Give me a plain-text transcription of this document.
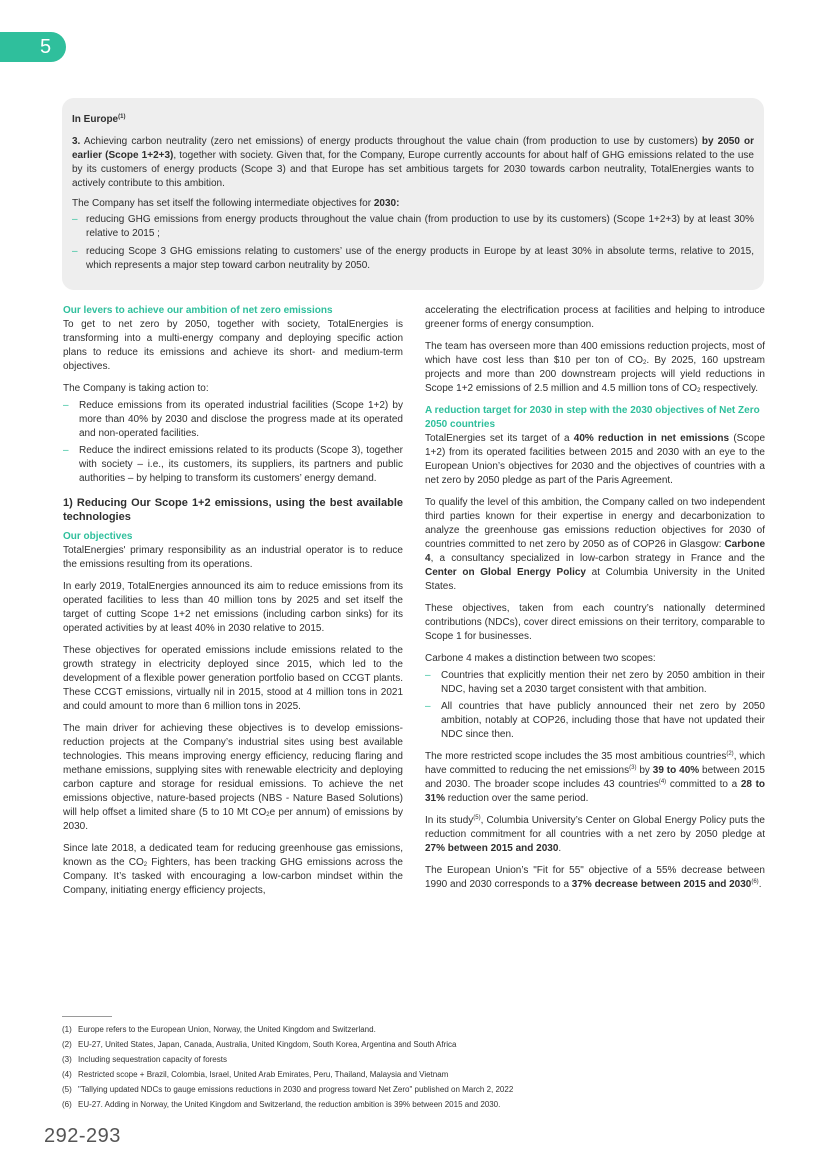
5

In Europe$^{(1)}$

3. Achieving carbon neutrality (zero net emissions) of energy products throughout the value chain (from production to use by customers) by 2050 or earlier (Scope 1+2+3), together with society. Given that, for the Company, Europe currently accounts for about half of GHG emissions related to the use by its customers of energy products (Scope 3) and that Europe has set ambitious targets for 2030 towards carbon neutrality, TotalEnergies wants to actively contribute to this ambition.

The Company has set itself the following intermediate objectives for 2030:

– reducing GHG emissions from energy products throughout the value chain (from production to use by its customers) (Scope 1+2+3) by at least 30% relative to 2015 ;
– reducing Scope 3 GHG emissions relating to customers’ use of the energy products in Europe by at least 30% in absolute terms, relative to 2015, which represents a major step toward carbon neutrality by 2050.
Our levers to achieve our ambition of net zero emissions

To get to net zero by 2050, together with society, TotalEnergies is transforming into a multi-energy company and deploying specific action plans to reduce its emissions and achieve its short- and medium-term objectives.

The Company is taking action to:

– Reduce emissions from its operated industrial facilities (Scope 1+2) by more than 40% by 2030 and disclose the progress made at its operated and non-operated facilities.
– Reduce the indirect emissions related to its products (Scope 3), together with society – i.e., its customers, its suppliers, its partners and public authorities – by helping to transform its customers’ energy demand.
1) Reducing Our Scope 1+2 emissions, using the best available technologies
Our objectives

TotalEnergies' primary responsibility as an industrial operator is to reduce the emissions resulting from its operations.

In early 2019, TotalEnergies announced its aim to reduce emissions from its operated facilities to less than 40 million tons by 2025 and set itself the target of cutting Scope 1+2 net emissions (including carbon sinks) for its operated activities by at least 40% in 2030 relative to 2015.

These objectives for operated emissions include emissions related to the growth strategy in electricity deployed since 2015, which led to the development of a flexible power generation portfolio based on CCGT plants. These CCGT emissions, virtually nil in 2015, stood at 4 million tons in 2021 and could amount to more than 6 million tons in 2025.

The main driver for achieving these objectives is to develop emissions-reduction projects at the Company’s industrial sites using best available technologies. This means improving energy efficiency, reducing flaring and methane emissions, supplying sites with renewable electricity and deploying carbon capture and storage for residual emissions. To achieve the net emissions objective, nature-based projects (NBS - Nature Based Solutions) will help offset a limited share (5 to 10 Mt $CO_2e$ per annum) of emissions by 2030.

Since late 2018, a dedicated team for reducing greenhouse gas emissions, known as the $CO_2$ Fighters, has been tracking GHG emissions across the Company. It’s tasked with encouraging a low-carbon mindset within the Company, initiating energy efficiency projects,

accelerating the electrification process at facilities and helping to introduce greener forms of energy consumption.

The team has overseen more than 400 emissions reduction projects, most of which have cost less than $10 per ton of $CO_2$. By 2025, 160 upstream projects and more than 200 downstream projects will yield reductions in Scope 1+2 emissions of 2.5 million and 4.5 million tons of $CO_2$ respectively.

A reduction target for 2030 in step with the 2030 objectives of Net Zero 2050 countries

TotalEnergies set its target of a 40% reduction in net emissions (Scope 1+2) from its operated facilities between 2015 and 2030 with an eye to the European Union’s objectives for 2030 and the objectives of countries with a net zero by 2050 pledge as part of the Paris Agreement.

To qualify the level of this ambition, the Company called on two independent third parties known for their expertise in energy and decarbonization to analyze the greenhouse gas emissions reduction objectives for 2030 of countries committed to net zero by 2050 as of COP26 in Glasgow: Carbone 4, a consultancy specialized in low-carbon strategy in France and the Center on Global Energy Policy at Columbia University in the United States.

These objectives, taken from each country’s nationally determined contributions (NDCs), cover direct emissions on their territory, comparable to Scope 1 for businesses.

Carbone 4 makes a distinction between two scopes:

– Countries that explicitly mention their net zero by 2050 ambition in their NDC, having set a 2030 target consistent with that ambition.
– All countries that have publicly announced their net zero by 2050 ambition, notably at COP26, including those that have not updated their NDC since then.

The more restricted scope includes the 35 most ambitious countries$^{(2)}$, which have committed to reducing the net emissions$^{(3)}$ by 39 to 40% between 2015 and 2030. The broader scope includes 43 countries$^{(4)}$ committed to a 28 to 31% reduction over the same period.

In its study$^{(5)}$, Columbia University’s Center on Global Energy Policy puts the reduction commitment for all countries with a net zero by 2050 pledge at 27% between 2015 and 2030.

The European Union’s "Fit for 55" objective of a 55% decrease between 1990 and 2030 corresponds to a 37% decrease between 2015 and 2030$^{(6)}$.

(1) Europe refers to the European Union, Norway, the United Kingdom and Switzerland.
(2) EU-27, United States, Japan, Canada, Australia, United Kingdom, South Korea, Argentina and South Africa
(3) Including sequestration capacity of forests
(4) Restricted scope + Brazil, Colombia, Israel, United Arab Emirates, Peru, Thailand, Malaysia and Vietnam
(5) "Tallying updated NDCs to gauge emissions reductions in 2030 and progress toward Net Zero" published on March 2, 2022
(6) EU-27. Adding in Norway, the United Kingdom and Switzerland, the reduction ambition is 39% between 2015 and 2030.
292-293
